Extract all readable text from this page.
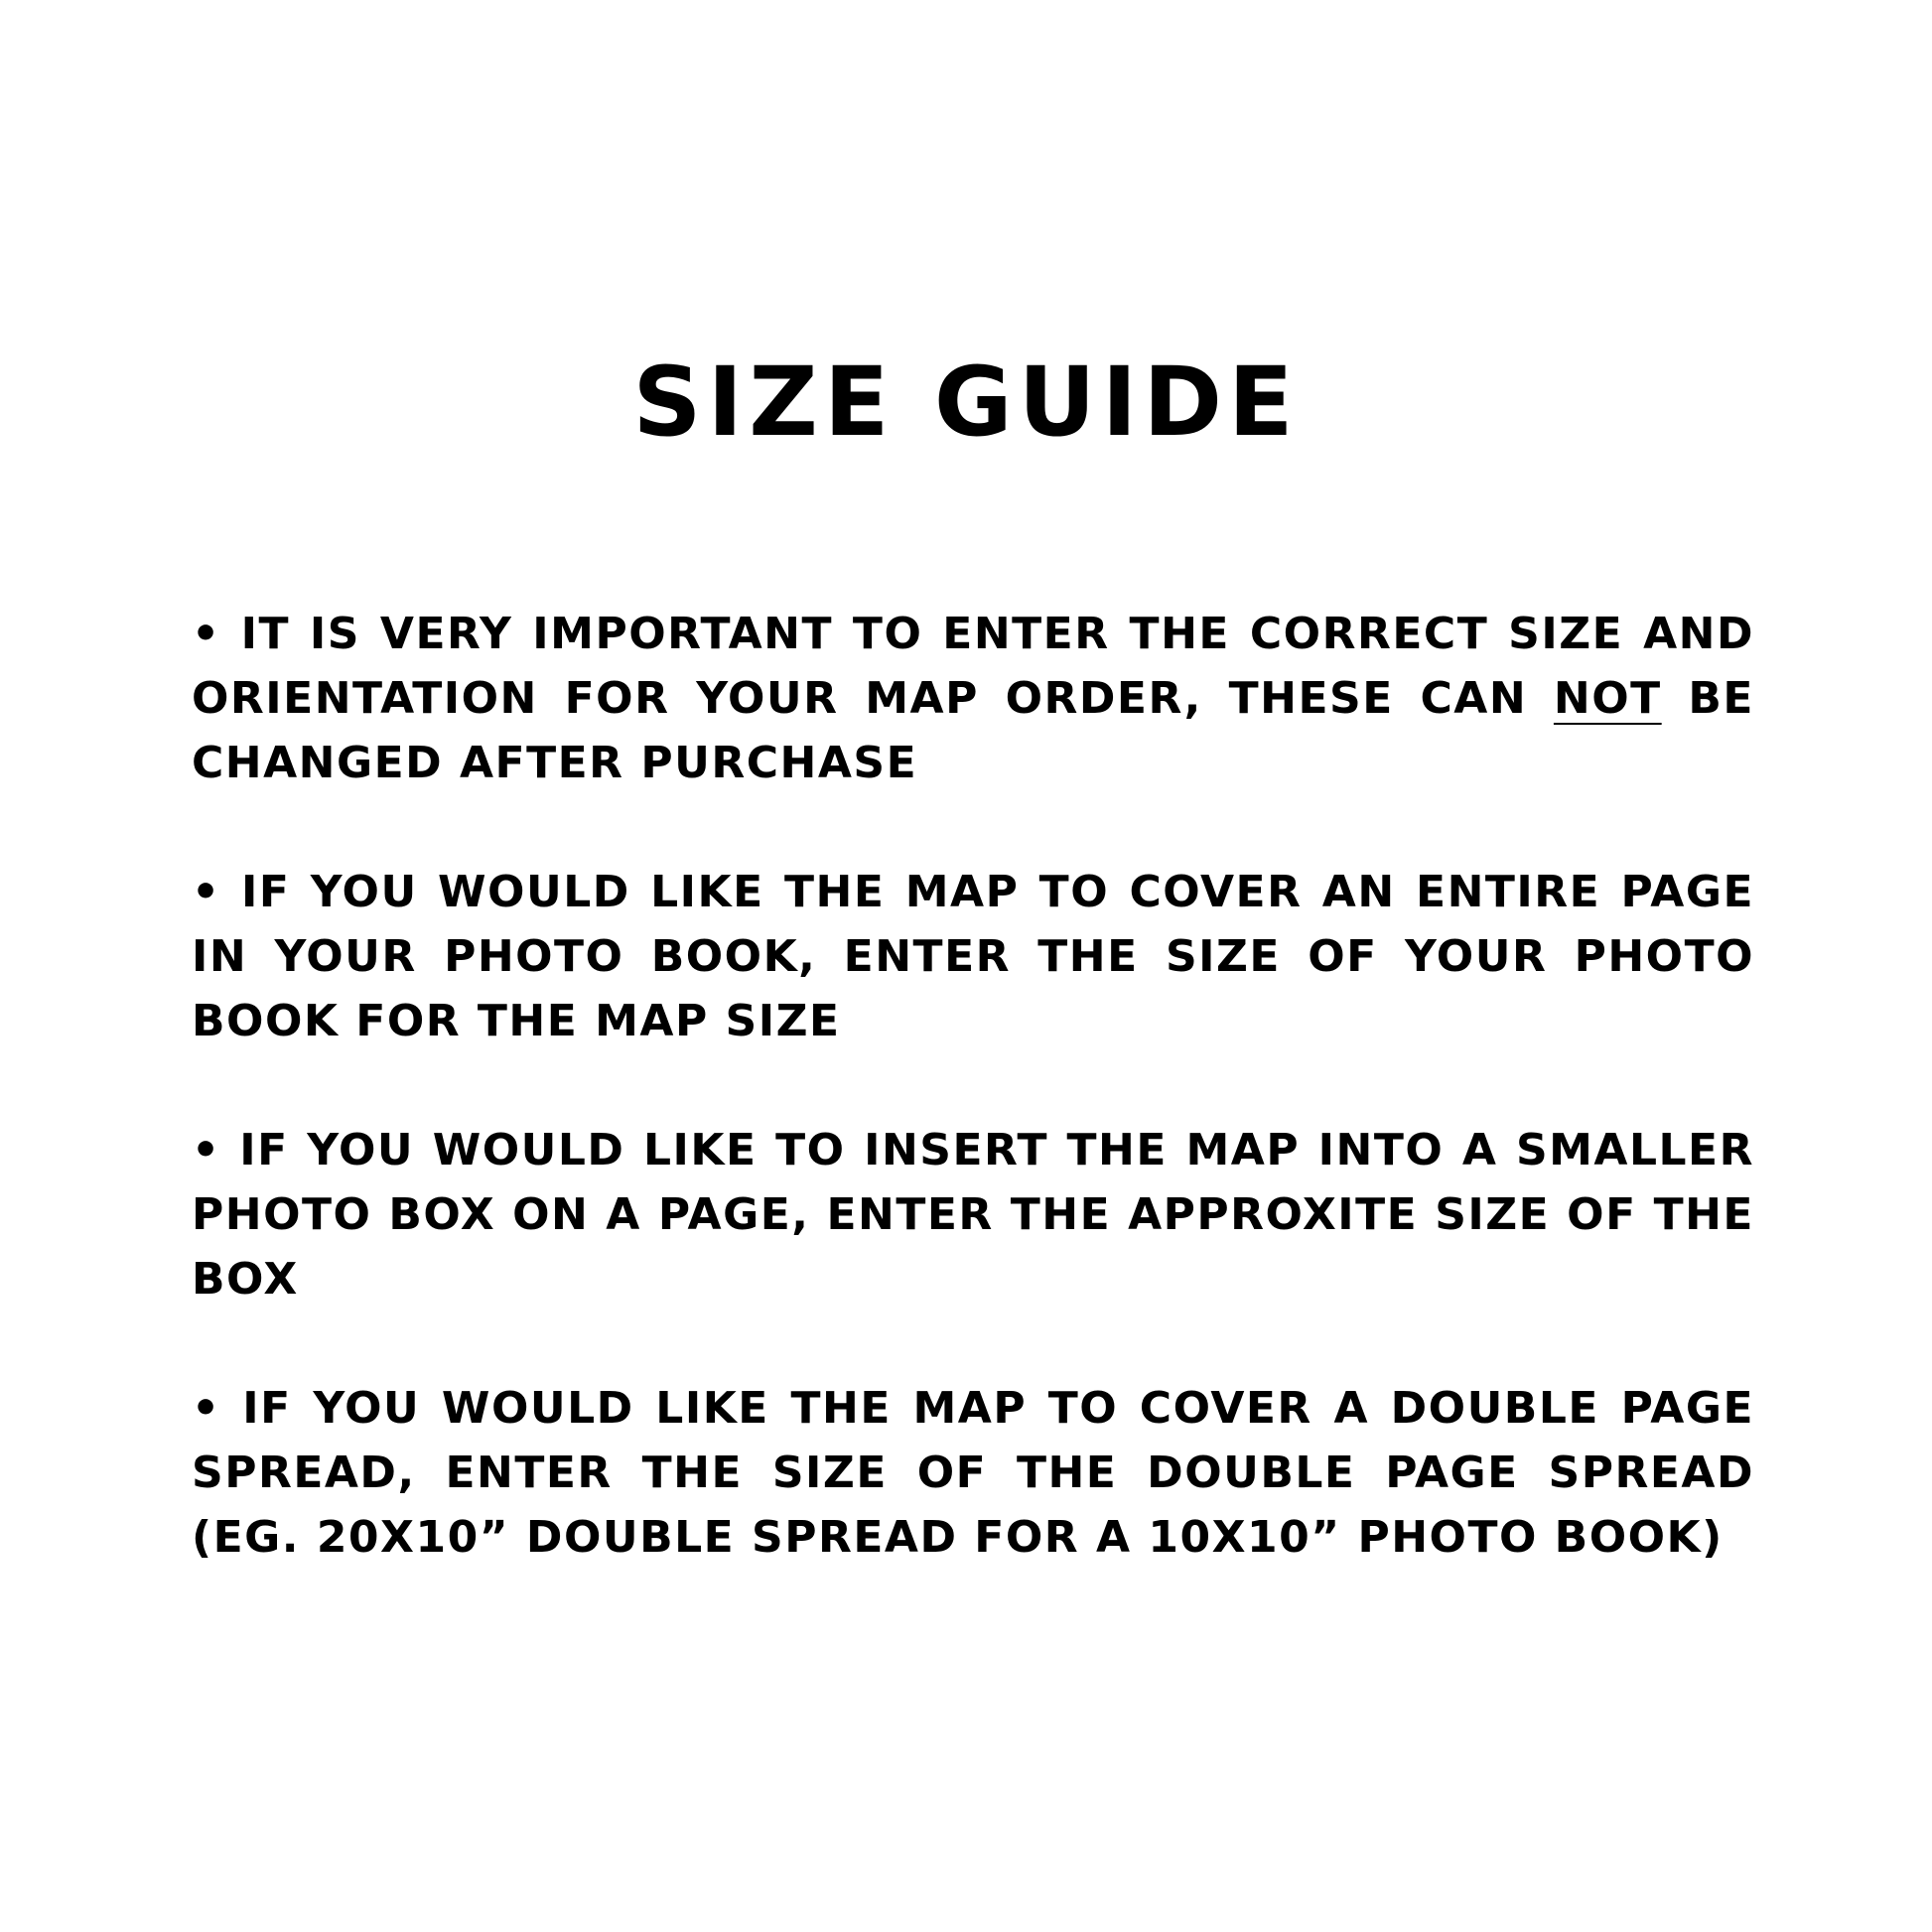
SIZE GUIDE

• IT IS VERY IMPORTANT TO ENTER THE CORRECT SIZE AND ORIENTATION FOR YOUR MAP ORDER, THESE CAN NOT BE CHANGED AFTER PURCHASE

• IF YOU WOULD LIKE THE MAP TO COVER AN ENTIRE PAGE IN YOUR PHOTO BOOK, ENTER THE SIZE OF YOUR PHOTO BOOK FOR THE MAP SIZE

• IF YOU WOULD LIKE TO INSERT THE MAP INTO A SMALLER PHOTO BOX ON A PAGE, ENTER THE APPROXITE SIZE OF THE BOX

• IF YOU WOULD LIKE THE MAP TO COVER A DOUBLE PAGE SPREAD, ENTER THE SIZE OF THE DOUBLE PAGE SPREAD (EG. 20X10” DOUBLE SPREAD FOR A 10X10” PHOTO BOOK)
